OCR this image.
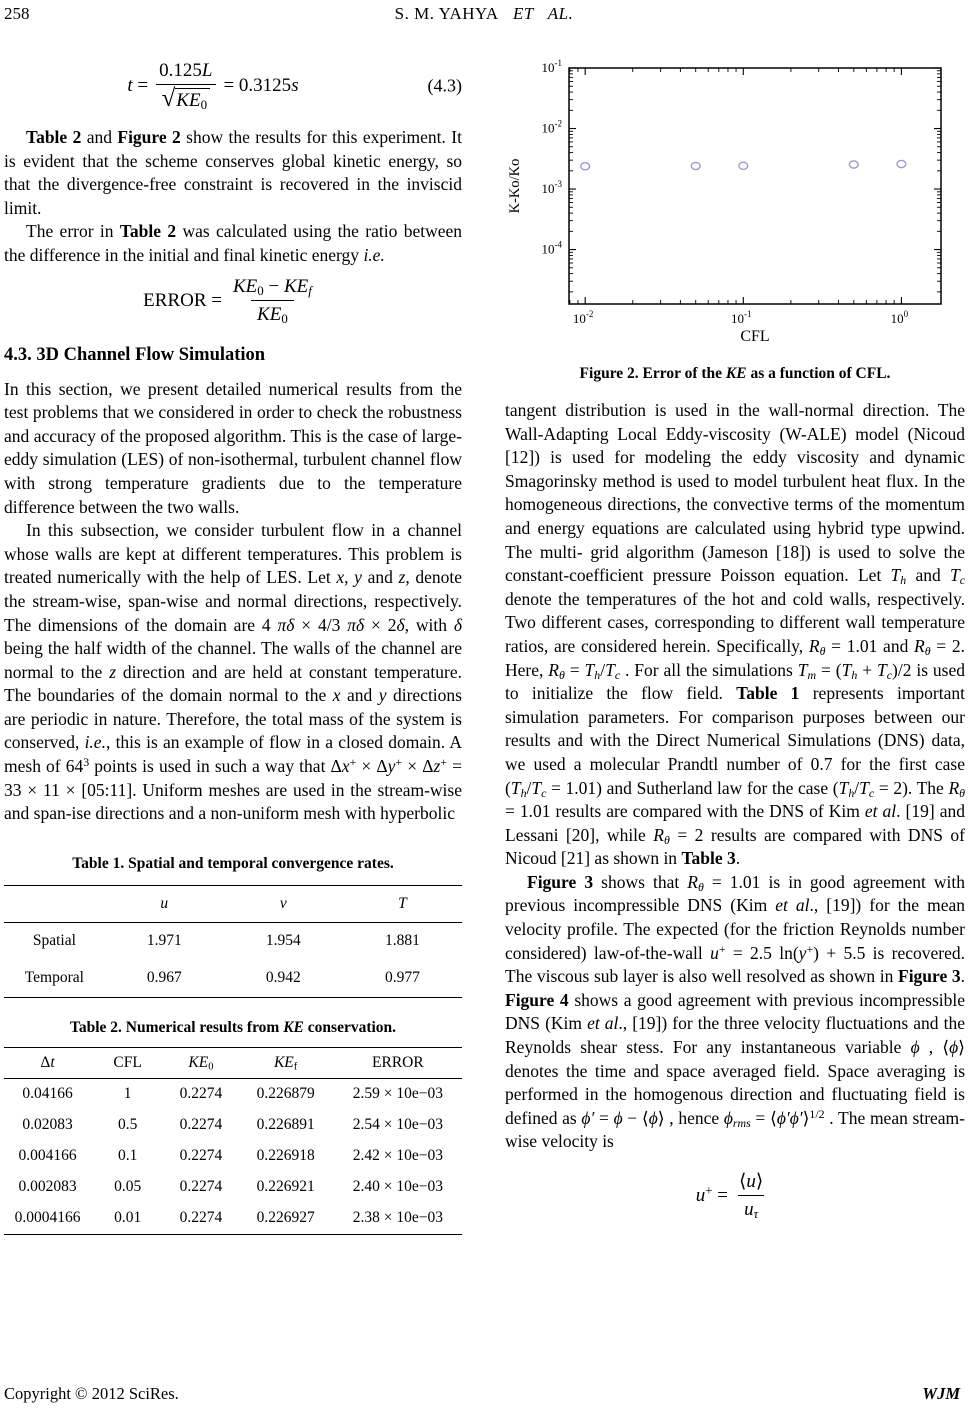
258	S. M. YAHYA   ET   AL.
$t = \frac{0.125L}{√ KE_0} = 0.3125s$	(4.3)

Table 2 and Figure 2 show the results for this experiment. It is evident that the scheme conserves global kinetic energy, so that the divergence-free constraint is recovered in the inviscid limit.

The error in Table 2 was calculated using the ratio between the difference in the initial and final kinetic energy i.e.

ERROR = $\frac{KE_0 - KE_f}{KE_0}$
4.3. 3D Channel Flow Simulation

In this section, we present detailed numerical results from the test problems that we considered in order to check the robustness and accuracy of the proposed algorithm. This is the case of large-eddy simulation (LES) of non-isothermal, turbulent channel flow with strong temperature gradients due to the temperature difference between the two walls.

In this subsection, we consider turbulent flow in a channel whose walls are kept at different temperatures. This problem is treated numerically with the help of LES. Let x, y and z, denote the stream-wise, span-wise and normal directions, respectively. The dimensions of the domain are 4 πδ × 4/3 πδ × 2δ, with δ being the half width of the channel. The walls of the channel are normal to the z direction and are held at constant temperature. The boundaries of the domain normal to the x and y directions are periodic in nature. Therefore, the total mass of the system is conserved, i.e., this is an example of flow in a closed domain. A mesh of $64^3$ points is used in such a way that Δx+ × Δy+ × Δz+ = 33 × 11 × [05:11]. Uniform meshes are used in the stream-wise and span-ise directions and a non-uniform mesh with hyperbolic

Table 1. Spatial and temporal convergence rates.
	u	v	T
Spatial	1.971	1.954	1.881
Temporal	0.967	0.942	0.977
Table 2. Numerical results from KE conservation.
Δt	CFL	$KE_0$	$KE_f$	ERROR
0.04166	1	0.2274	0.226879	2.59 × 10e−03
0.02083	0.5	0.2274	0.226891	2.54 × 10e−03
0.004166	0.1	0.2274	0.226918	2.42 × 10e−03
0.002083	0.05	0.2274	0.226921	2.40 × 10e−03
0.0004166	0.01	0.2274	0.226927	2.38 × 10e−03
$10^{-2}$	$10^{-1}$	$10^0$
$10^{-1}$
$10^{-2}$
$10^{-3}$
$10^{-4}$
CFL
K-Ko/Ko
Figure 2. Error of the KE as a function of CFL.

tangent distribution is used in the wall-normal direction. The Wall-Adapting Local Eddy-viscosity (W-ALE) model (Nicoud [12]) is used for modeling the eddy viscosity and dynamic Smagorinsky method is used to model turbulent heat flux. In the homogeneous directions, the convective terms of the momentum and energy equations are calculated using hybrid type upwind. The multi- grid algorithm (Jameson [18]) is used to solve the constant-coefficient pressure Poisson equation. Let $T_h$ and $T_c$ denote the temperatures of the hot and cold walls, respectively. Two different cases, corresponding to different wall temperature ratios, are considered herein. Specifically, $R_\theta = 1.01$ and $R_\theta = 2$. Here, $R_\theta = T_h/T_c$ . For all the simulations $T_m = (T_h + T_c)/2$ is used to initialize the flow field. Table 1 represents important simulation parameters. For comparison purposes between our results and with the Direct Numerical Simulations (DNS) data, we used a molecular Prandtl number of 0.7 for the first case $(T_h/T_c = 1.01)$ and Sutherland law for the case $(T_h/T_c = 2)$. The $R_\theta = 1.01$ results are compared with the DNS of Kim et al. [19] and Lessani [20], while $R_\theta = 2$ results are compared with DNS of Nicoud [21] as shown in Table 3.

Figure 3 shows that $R_\theta = 1.01$ is in good agreement with previous incompressible DNS (Kim et al., [19]) for the mean velocity profile. The expected (for the friction Reynolds number considered) law-of-the-wall u+ = 2.5 ln(y+) + 5.5 is recovered. The viscous sub layer is also well resolved as shown in Figure 3. Figure 4 shows a good agreement with previous incompressible DNS (Kim et al., [19]) for the three velocity fluctuations and the Reynolds shear stess. For any instantaneous variable ϕ , ⟨ϕ⟩ denotes the time and space averaged field. Space averaging is performed in the homogenous direction and fluctuating field is defined as ϕ′ = ϕ − ⟨ϕ⟩ , hence $\phi_{rms}$ = ⟨ϕ′ϕ′⟩$^{1/2}$ . The mean stream-wise velocity is

$u^+ = \frac{⟨u⟩}{u_\tau}$
Copyright © 2012 SciRes.	WJM
